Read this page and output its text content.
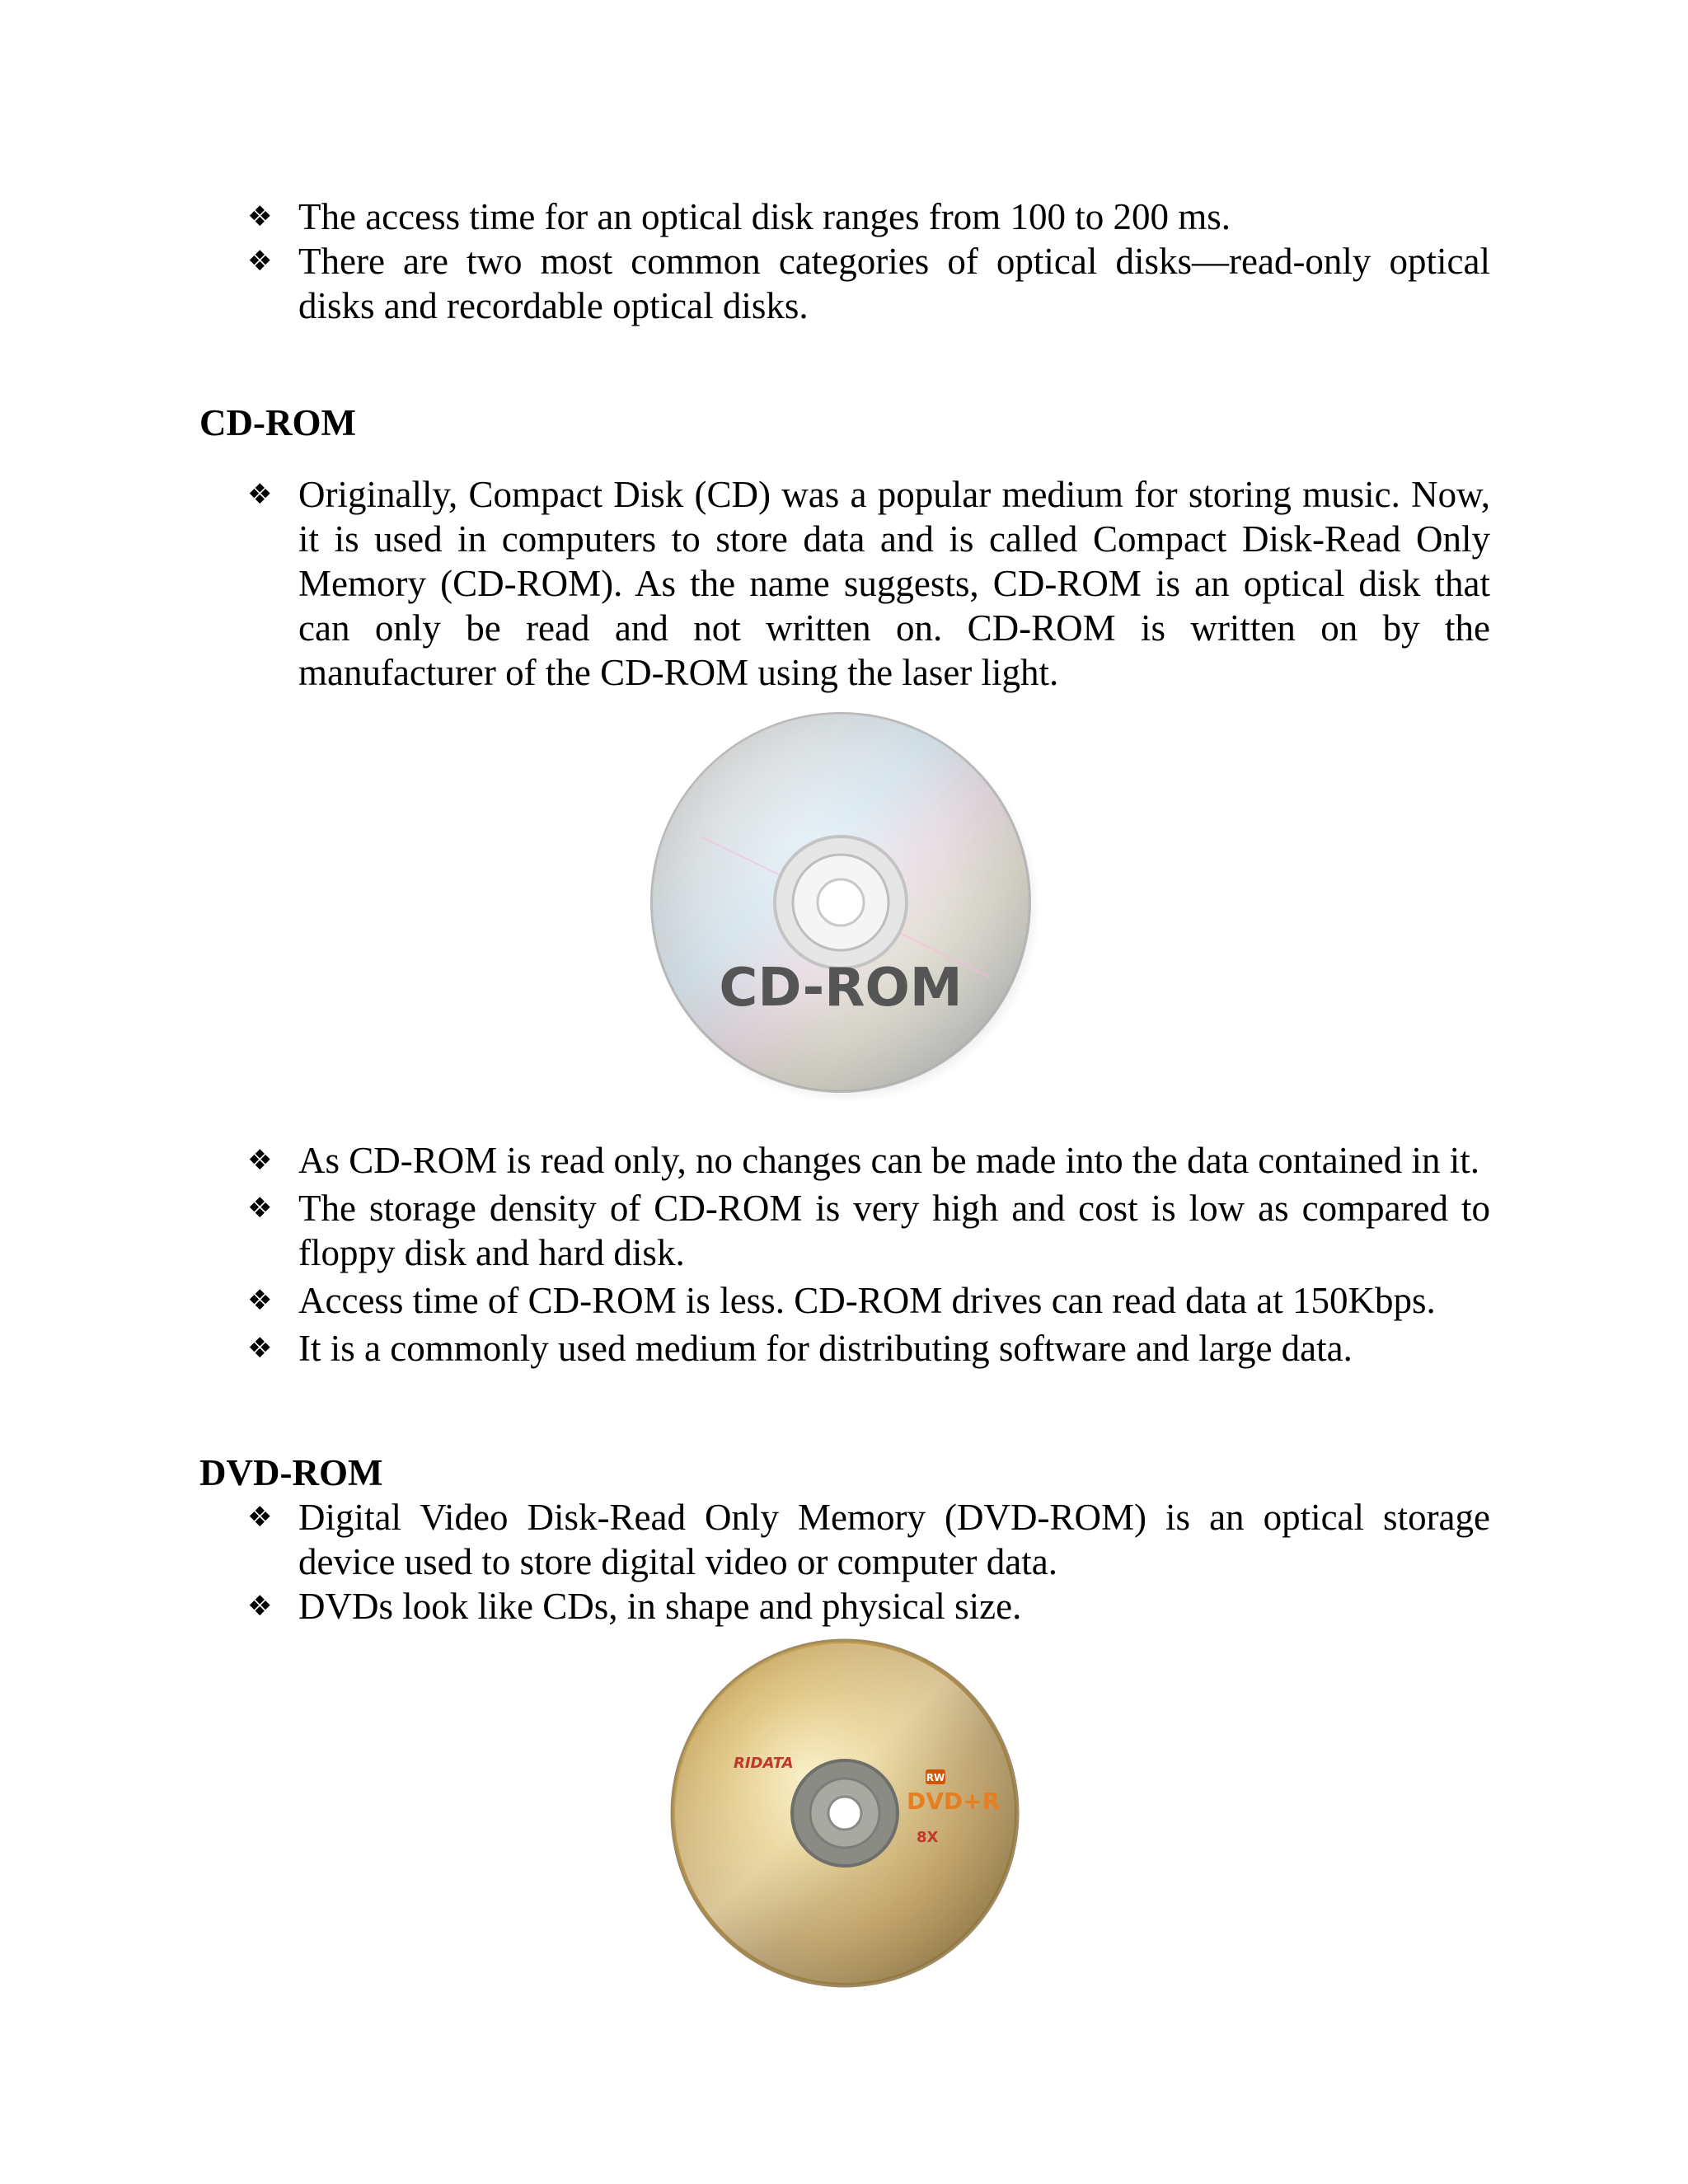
❖ The access time for an optical disk ranges from 100 to 200 ms.
❖ There are two most common categories of optical disks—read-only optical disks and recordable optical disks.
CD-ROM
❖ Originally, Compact Disk (CD) was a popular medium for storing music. Now, it is used in computers to store data and is called Compact Disk-Read Only Memory (CD-ROM). As the name suggests, CD-ROM is an optical disk that can only be read and not written on. CD-ROM is written on by the manufacturer of the CD-ROM using the laser light.
CD-ROM
❖ As CD-ROM is read only, no changes can be made into the data contained in it.
❖ The storage density of CD-ROM is very high and cost is low as compared to floppy disk and hard disk.
❖ Access time of CD-ROM is less. CD-ROM drives can read data at 150Kbps.
❖ It is a commonly used medium for distributing software and large data.
DVD-ROM
❖ Digital Video Disk-Read Only Memory (DVD-ROM) is an optical storage device used to store digital video or computer data.
❖ DVDs look like CDs, in shape and physical size.
RIDATA
RW
DVD+R
8X
